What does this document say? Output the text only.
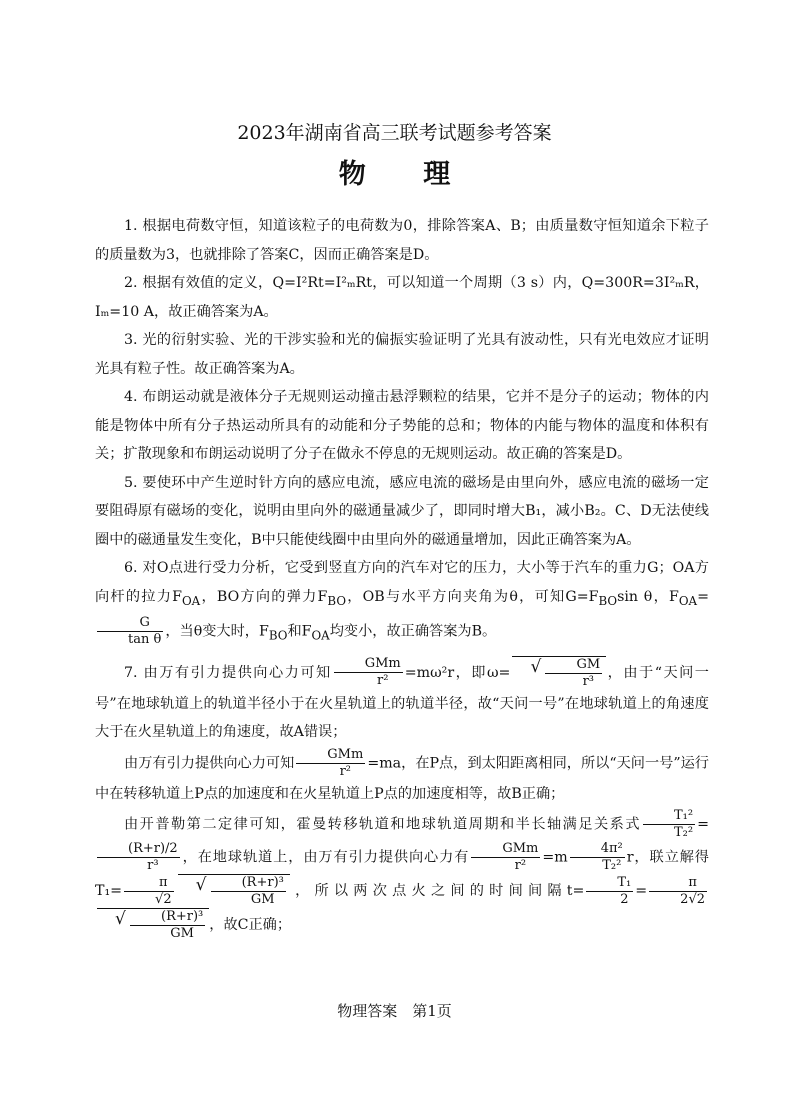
2023年湖南省高三联考试题参考答案
物 理

1. 根据电荷数守恒，知道该粒子的电荷数为0，排除答案A、B；由质量数守恒知道余下粒子的质量数为3，也就排除了答案C，因而正确答案是D。

2. 根据有效值的定义，Q=I²Rt=I²ₘRt，可以知道一个周期（3 s）内，Q=300R=3I²ₘR，Iₘ=10 A，故正确答案为A。

3. 光的衍射实验、光的干涉实验和光的偏振实验证明了光具有波动性，只有光电效应才证明光具有粒子性。故正确答案为A。

4. 布朗运动就是液体分子无规则运动撞击悬浮颗粒的结果，它并不是分子的运动；物体的内能是物体中所有分子热运动所具有的动能和分子势能的总和；物体的内能与物体的温度和体积有关；扩散现象和布朗运动说明了分子在做永不停息的无规则运动。故正确的答案是D。

5. 要使环中产生逆时针方向的感应电流，感应电流的磁场是由里向外，感应电流的磁场一定要阻碍原有磁场的变化，说明由里向外的磁通量减少了，即同时增大B₁，减小B₂。C、D无法使线圈中的磁通量发生变化，B中只能使线圈中由里向外的磁通量增加，因此正确答案为A。

6. 对O点进行受力分析，它受到竖直方向的汽车对它的压力，大小等于汽车的重力G；OA方向杆的拉力$F_{OA}$，BO方向的弹力$F_{BO}$，OB与水平方向夹角为θ，可知$G=F_{BO}\sin$ θ，$F_{OA}=$
$\frac{G}{\text{tan θ}}$ ，当θ变大时，$F_{BO}$和$F_{OA}$均变小，故正确答案为B。

7. 由万有引力提供向心力可知 $\frac{\text{GMm}}{\text{r²}} =m\omega^2r$，即ω=	√ $\frac{GM}{\text{r³}}$ ，由于“天问一号”在地球轨道上的轨道半径小于在火星轨道上的轨道半径，故“天问一号”在地球轨道上的角速度大于在火星轨道上的角速度，故A错误；

由万有引力提供向心力可知 $\frac{\text{GMm}}{\text{r²}} =ma$，在P点，到太阳距离相同，所以“天问一号”运行中在转移轨道上P点的加速度和在火星轨道上P点的加速度相等，故B正确；

由开普勒第二定律可知，霍曼转移轨道和地球轨道周期和半长轴满足关系式 $\frac{\text{T₁²}}{\text{T₂²}}$ =
$\frac{(R+r)/2}{\text{r³}}$ ，在地球轨道上，由万有引力提供向心力有 $\frac{\text{GMm}}{\text{r²}} =m \frac{\text{4π²}}{\text{T₂²}}$ r，联立解得$T_1= \frac{\pi}{√2}$	√ $\frac{\text{(R+r)³}}{GM}$ ，所以两次点火之间的时间间隔$t= \frac{\text{T₁}}{2} = \frac{\pi}{2√2}$
√ $\frac{\text{(R+r)³}}{GM}$ ，故C正确；

物理答案　第1页
